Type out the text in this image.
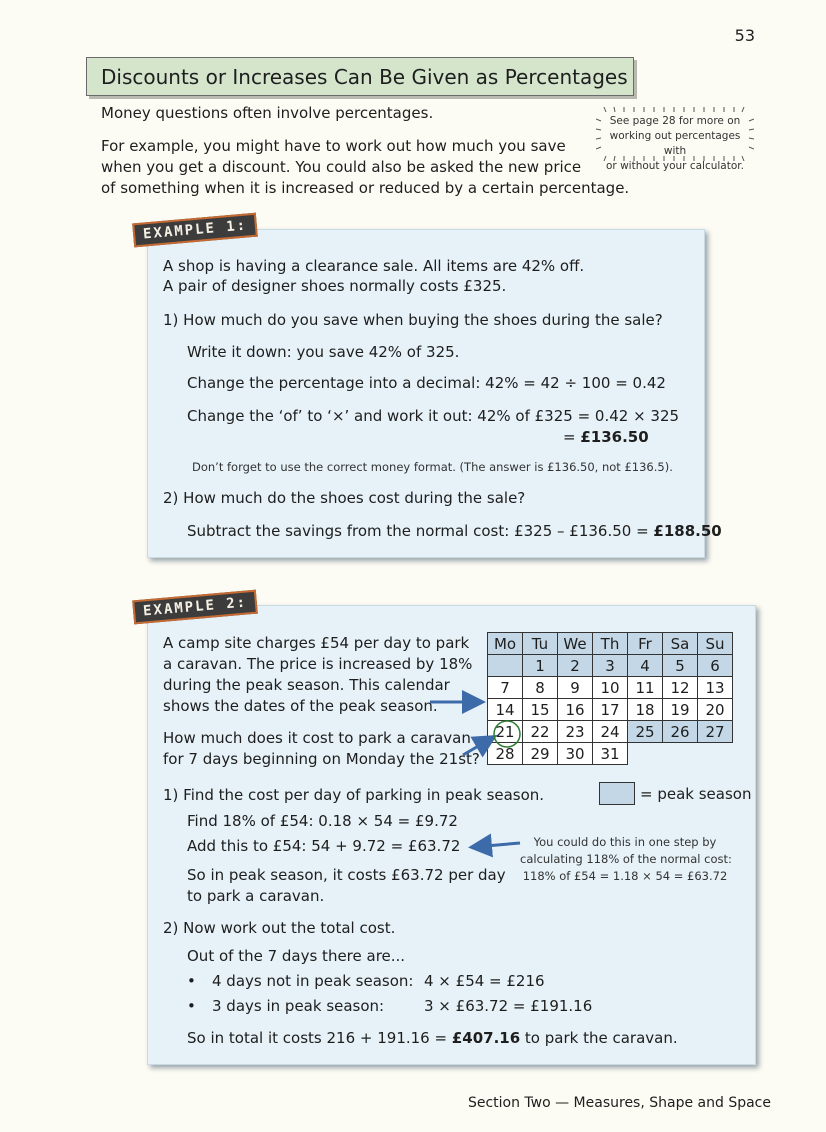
53
Discounts or Increases Can Be Given as Percentages
Money questions often involve percentages.
For example, you might have to work out how much you save
when you get a discount. You could also be asked the new price
of something when it is increased or reduced by a certain percentage.
See page 28 for more on
working out percentages with
or without your calculator.
EXAMPLE 1:
A shop is having a clearance sale. All items are 42% off.
A pair of designer shoes normally costs £325.
1) How much do you save when buying the shoes during the sale?
Write it down: you save 42% of 325.
Change the percentage into a decimal: 42% = 42 ÷ 100 = 0.42
Change the ‘of’ to ‘×’ and work it out: 42% of £325 = 0.42 × 325
= £136.50
Don’t forget to use the correct money format. (The answer is £136.50, not £136.5).
2) How much do the shoes cost during the sale?
Subtract the savings from the normal cost: £325 – £136.50 = £188.50
EXAMPLE 2:
A camp site charges £54 per day to park
a caravan. The price is increased by 18%
during the peak season. This calendar
shows the dates of the peak season.
How much does it cost to park a caravan
for 7 days beginning on Monday the 21st?
Mo	Tu	We	Th	Fr	Sa	Su
	1	2	3	4	5	6
7	8	9	10	11	12	13
14	15	16	17	18	19	20
21	22	23	24	25	26	27
28	29	30	31			
= peak season
1) Find the cost per day of parking in peak season.
Find 18% of £54: 0.18 × 54 = £9.72
Add this to £54: 54 + 9.72 = £63.72
So in peak season, it costs £63.72 per day
to park a caravan.
You could do this in one step by
calculating 118% of the normal cost:
118% of £54 = 1.18 × 54 = £63.72
2) Now work out the total cost.
Out of the 7 days there are...
• 4 days not in peak season: 4 × £54 = £216
• 3 days in peak season:	3 × £63.72 = £191.16
So in total it costs 216 + 191.16 = £407.16 to park the caravan.
Section Two — Measures, Shape and Space
